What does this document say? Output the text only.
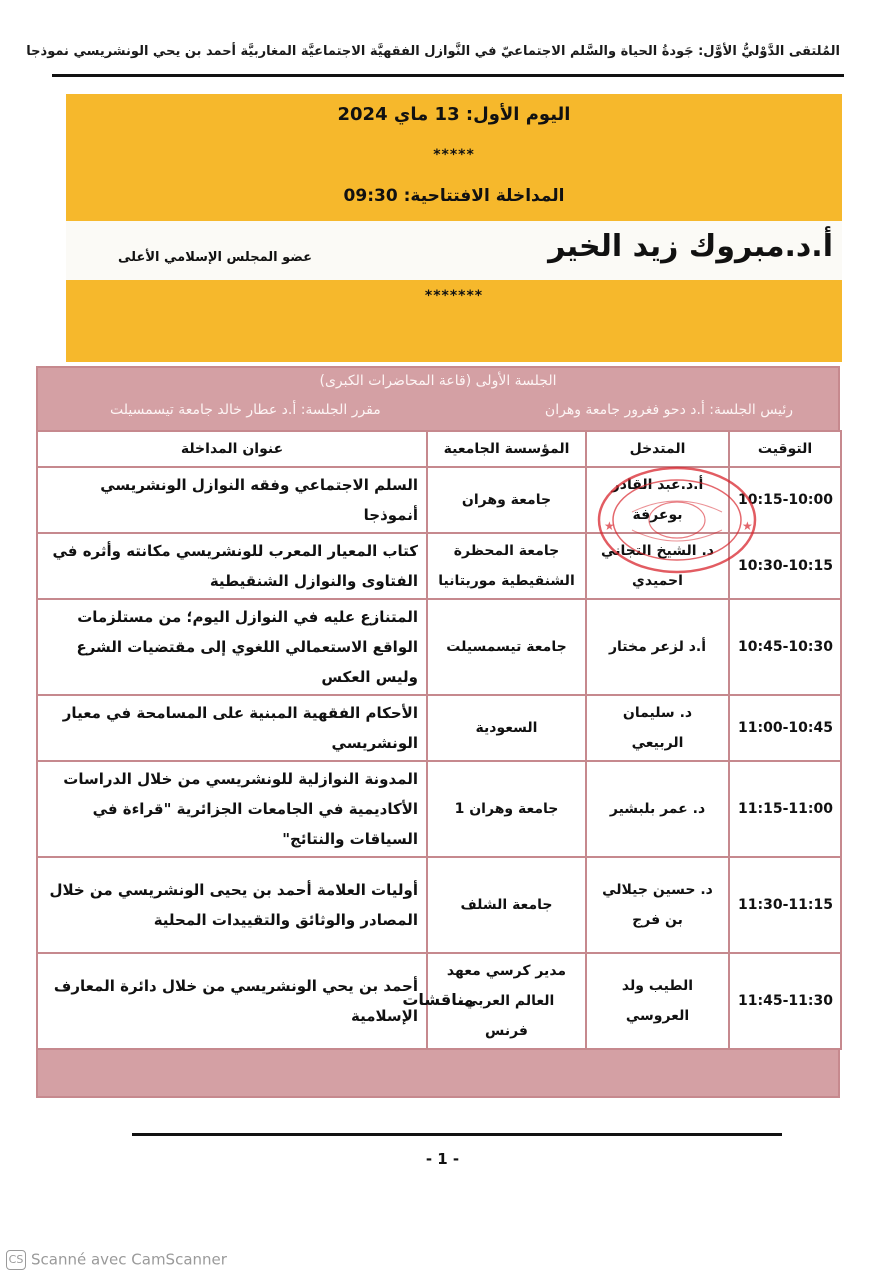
المُلتقى الدَّوْليُّ الأوَّل: جَودةُ الحياة والسَّلم الاجتماعيّ في النَّوازل الفقهيَّة الاجتماعيَّة المغاربيَّة أحمد بن يحي الونشريسي نموذجا
اليوم الأول: 13 ماي 2024
*****
المداخلة الافتتاحية: 09:30
أ.د.مبروك زيد الخير
عضو المجلس الإسلامي الأعلى
*******
الجلسة الأولى (قاعة المحاضرات الكبرى)
رئيس الجلسة: أ.د دحو فغرور جامعة وهران
مقرر الجلسة: أ.د عطار خالد جامعة تيسمسيلت
التوقيت	المتدخل	المؤسسة الجامعية	عنوان المداخلة
10:15-10:00	أ.د.عبد القادر بوعرفة	جامعة وهران	السلم الاجتماعي وفقه النوازل الونشريسي أنموذجا
10:30-10:15	د. الشيخ التجاني احميدي	جامعة المحظرة الشنقيطية موريتانيا	كتاب المعيار المعرب للونشريسي مكانته وأثره في الفتاوى والنوازل الشنقيطية
10:45-10:30	أ.د لزعر مختار	جامعة تيسمسيلت	المتنازع عليه في النوازل اليوم؛ من مستلزمات الواقع الاستعمالي اللغوي إلى مقتضيات الشرع وليس العكس
11:00-10:45	د. سليمان الربيعي	السعودية	الأحكام الفقهية المبنية على المسامحة في معيار الونشريسي
11:15-11:00	د. عمر بلبشير	جامعة وهران 1	المدونة النوازلية للونشريسي من خلال الدراسات الأكاديمية في الجامعات الجزائرية "قراءة في السياقات والنتائج"
11:30-11:15	د. حسين جيلالي بن فرج	جامعة الشلف	أوليات العلامة أحمد بن يحيى الونشريسي من خلال المصادر والوثائق والتقييدات المحلية
11:45-11:30	الطيب ولد العروسي	مدير كرسي معهد العالم العربي، فرنس	أحمد بن يحي الونشريسي من خلال دائرة المعارف الإسلامية
مناقشات
★
★
- 1 -
CS Scanné avec CamScanner
